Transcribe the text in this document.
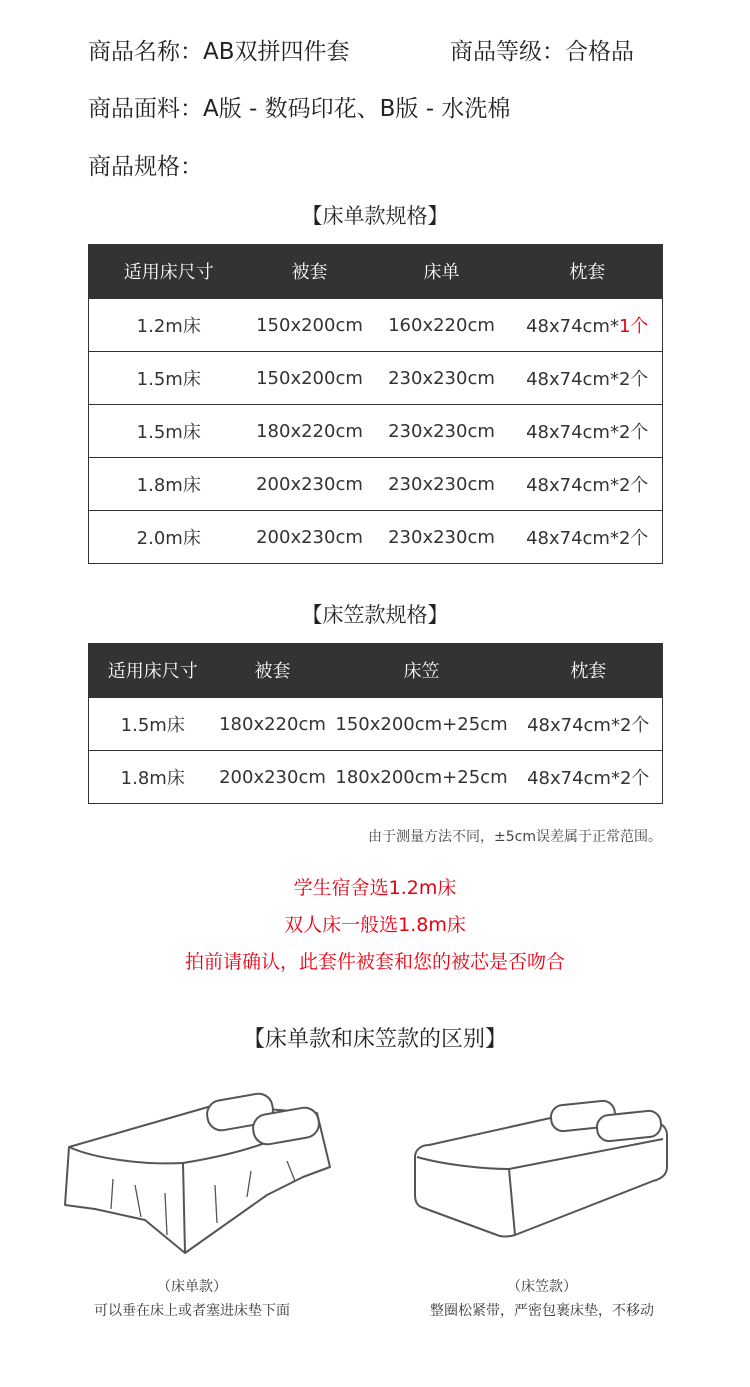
商品名称：AB双拼四件套	商品等级：合格品
商品面料：A版 - 数码印花、B版 - 水洗棉
商品规格：
【床单款规格】
适用床尺寸	被套	床单	枕套
1.2m床	150x200cm	160x220cm	48x74cm*1个
1.5m床	150x200cm	230x230cm	48x74cm*2个
1.5m床	180x220cm	230x230cm	48x74cm*2个
1.8m床	200x230cm	230x230cm	48x74cm*2个
2.0m床	200x230cm	230x230cm	48x74cm*2个
【床笠款规格】
适用床尺寸	被套	床笠	枕套
1.5m床	180x220cm	150x200cm+25cm	48x74cm*2个
1.8m床	200x230cm	180x200cm+25cm	48x74cm*2个
由于测量方法不同，±5cm误差属于正常范围。
学生宿舍选1.2m床
双人床一般选1.8m床
拍前请确认，此套件被套和您的被芯是否吻合
【床单款和床笠款的区别】
（床单款）
可以垂在床上或者塞进床垫下面
（床笠款）
整圈松紧带，严密包裹床垫，不移动
